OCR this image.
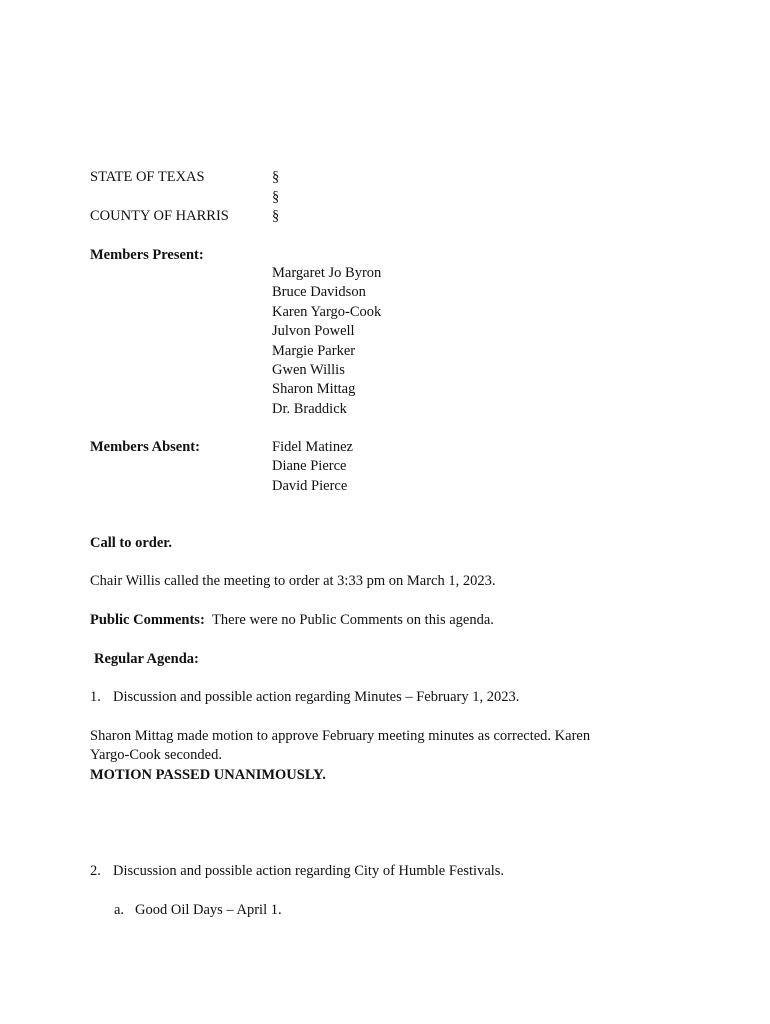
STATE OF TEXAS	§
§
COUNTY OF HARRIS	§
Members Present:
Margaret Jo Byron
Bruce Davidson
Karen Yargo-Cook
Julvon Powell
Margie Parker
Gwen Willis
Sharon Mittag
Dr. Braddick
Members Absent:	Fidel Matinez
Diane Pierce
David Pierce
Call to order.
Chair Willis called the meeting to order at 3:33 pm on March 1, 2023.
Public Comments: There were no Public Comments on this agenda.
Regular Agenda:
1. Discussion and possible action regarding Minutes – February 1, 2023.
Sharon Mittag made motion to approve February meeting minutes as corrected. Karen Yargo-Cook seconded.
MOTION PASSED UNANIMOUSLY.
2. Discussion and possible action regarding City of Humble Festivals.
a. Good Oil Days – April 1.
